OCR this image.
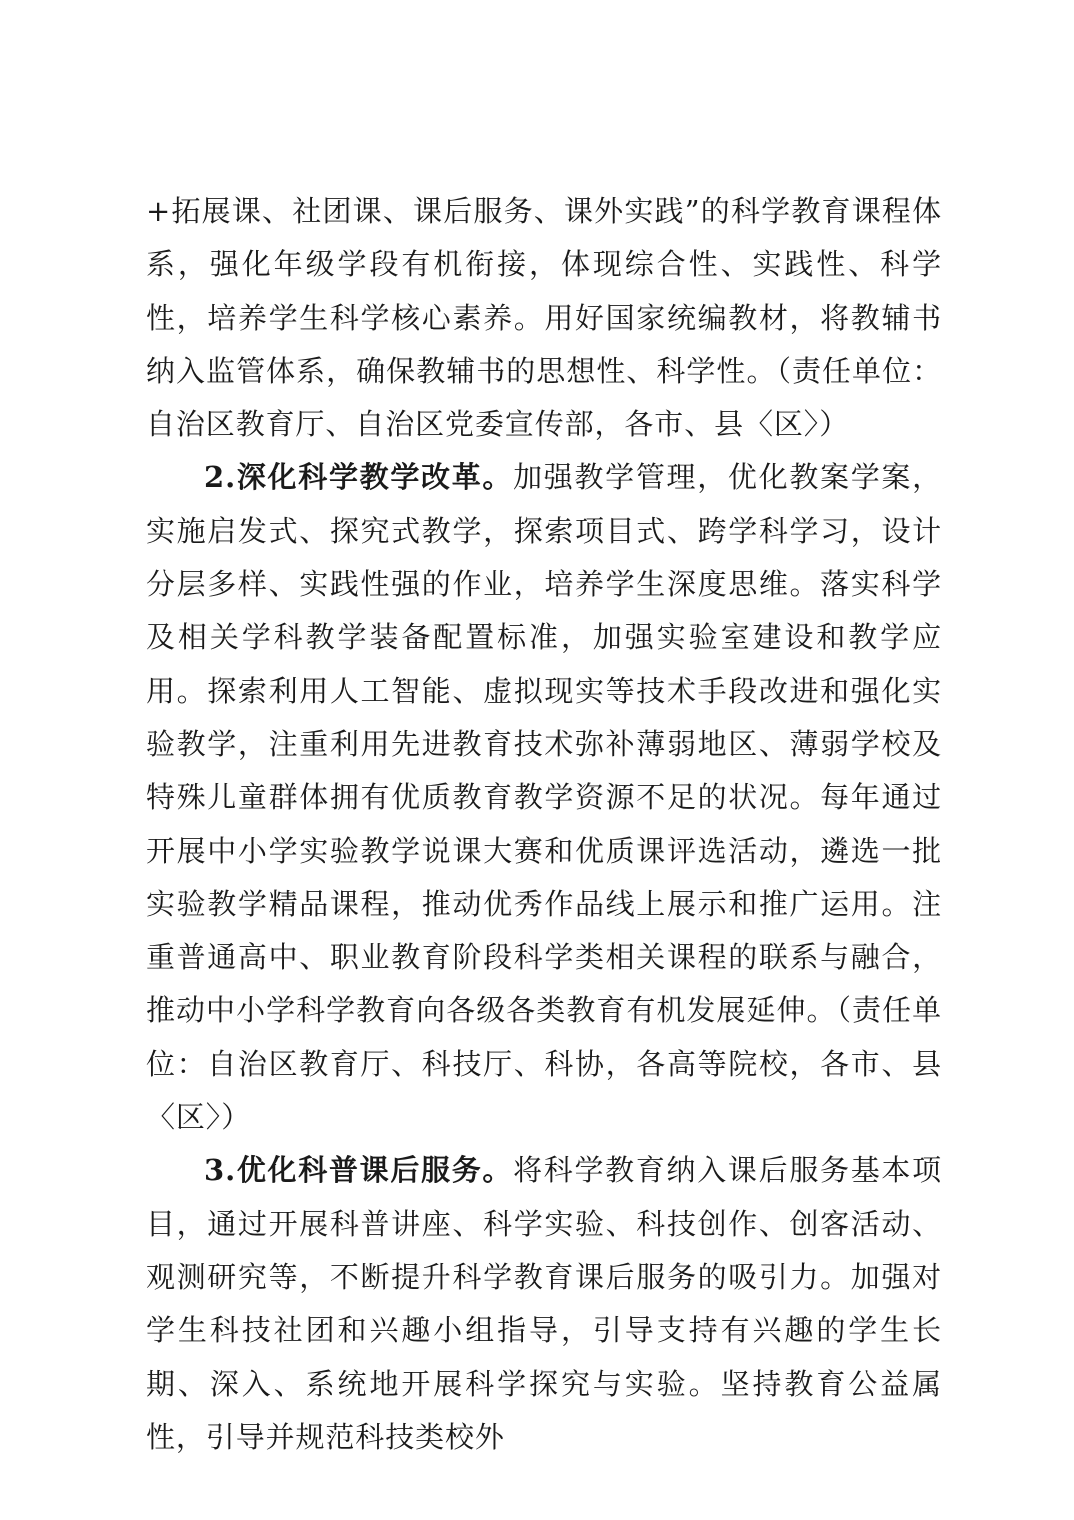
+拓展课、社团课、课后服务、课外实践”的科学教育课程体系，强化年级学段有机衔接，体现综合性、实践性、科学性，培养学生科学核心素养。用好国家统编教材，将教辅书纳入监管体系，确保教辅书的思想性、科学性。（责任单位：自治区教育厅、自治区党委宣传部，各市、县〈区〉）

2.深化科学教学改革。加强教学管理，优化教案学案，实施启发式、探究式教学，探索项目式、跨学科学习，设计分层多样、实践性强的作业，培养学生深度思维。落实科学及相关学科教学装备配置标准，加强实验室建设和教学应用。探索利用人工智能、虚拟现实等技术手段改进和强化实验教学，注重利用先进教育技术弥补薄弱地区、薄弱学校及特殊儿童群体拥有优质教育教学资源不足的状况。每年通过开展中小学实验教学说课大赛和优质课评选活动，遴选一批实验教学精品课程，推动优秀作品线上展示和推广运用。注重普通高中、职业教育阶段科学类相关课程的联系与融合，推动中小学科学教育向各级各类教育有机发展延伸。（责任单位：自治区教育厅、科技厅、科协，各高等院校，各市、县〈区〉）

3.优化科普课后服务。将科学教育纳入课后服务基本项目，通过开展科普讲座、科学实验、科技创作、创客活动、观测研究等，不断提升科学教育课后服务的吸引力。加强对学生科技社团和兴趣小组指导，引导支持有兴趣的学生长期、深入、系统地开展科学探究与实验。坚持教育公益属性，引导并规范科技类校外
